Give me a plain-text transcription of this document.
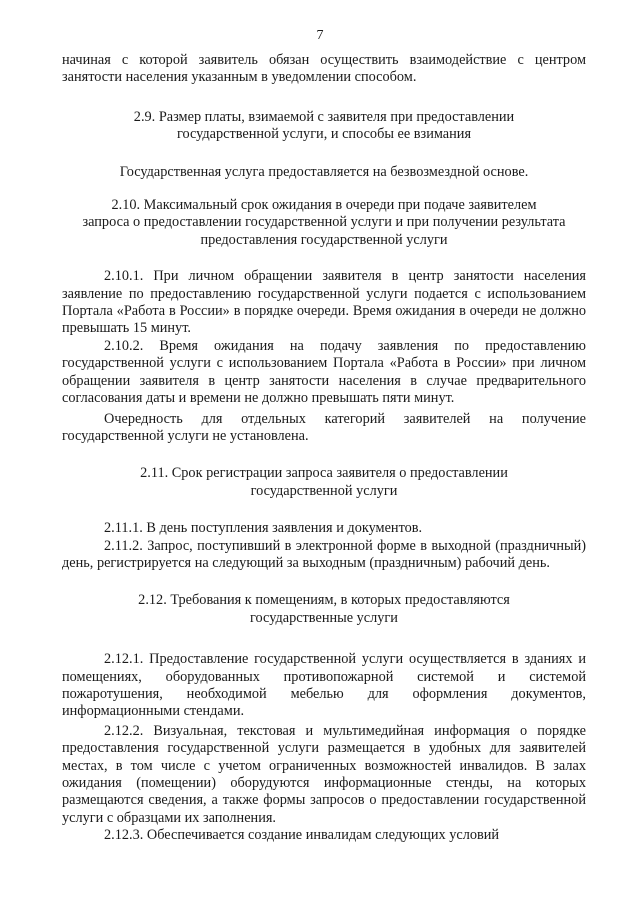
7

начиная с которой заявитель обязан осуществить взаимодействие с центром занятости населения указанным в уведомлении способом.

2.9. Размер платы, взимаемой с заявителя при предоставлении
государственной услуги, и способы ее взимания

Государственная услуга предоставляется на безвозмездной основе.

2.10. Максимальный срок ожидания в очереди при подаче заявителем
запроса о предоставлении государственной услуги и при получении результата
предоставления государственной услуги

2.10.1. При личном обращении заявителя в центр занятости населения заявление по предоставлению государственной услуги подается с использованием Портала «Работа в России» в порядке очереди. Время ожидания в очереди не должно превышать 15 минут.

2.10.2. Время ожидания на подачу заявления по предоставлению государственной услуги с использованием Портала «Работа в России» при личном обращении заявителя в центр занятости населения в случае предварительного согласования даты и времени не должно превышать пяти минут.

Очередность для отдельных категорий заявителей на получение государственной услуги не установлена.

2.11. Срок регистрации запроса заявителя о предоставлении
государственной услуги

2.11.1. В день поступления заявления и документов.

2.11.2. Запрос, поступивший в электронной форме в выходной (праздничный) день, регистрируется на следующий за выходным (праздничным) рабочий день.

2.12. Требования к помещениям, в которых предоставляются
государственные услуги

2.12.1. Предоставление государственной услуги осуществляется в зданиях и помещениях, оборудованных противопожарной системой и системой пожаротушения, необходимой мебелью для оформления документов, информационными стендами.

2.12.2. Визуальная, текстовая и мультимедийная информация о порядке предоставления государственной услуги размещается в удобных для заявителей местах, в том числе с учетом ограниченных возможностей инвалидов. В залах ожидания (помещении) оборудуются информационные стенды, на которых размещаются сведения, а также формы запросов о предоставлении государственной услуги с образцами их заполнения.

2.12.3. Обеспечивается создание инвалидам следующих условий
